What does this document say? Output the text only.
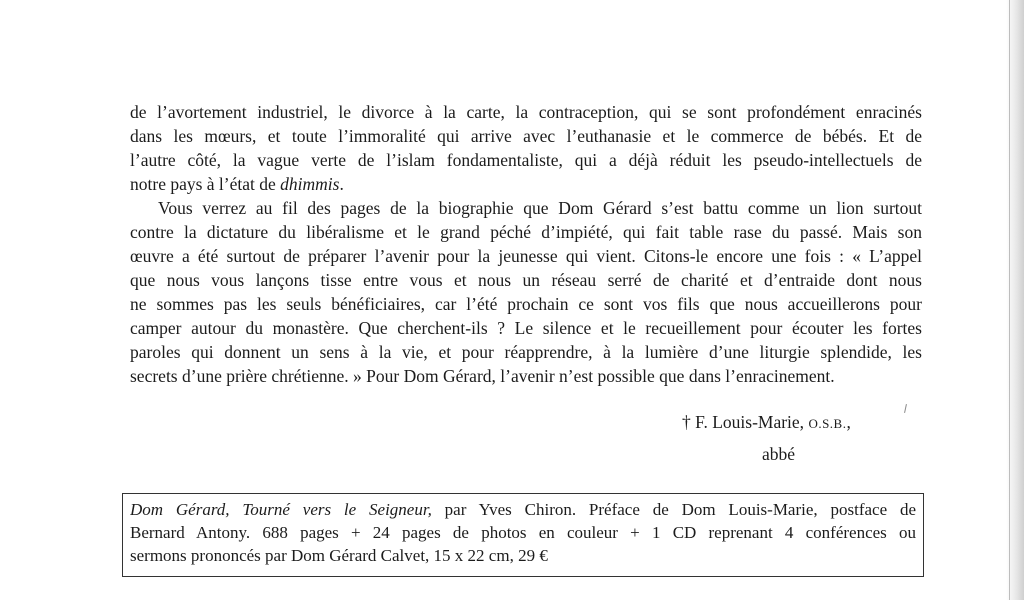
de l’avortement industriel, le divorce à la carte, la contraception, qui se sont profondément enracinés
dans les mœurs, et toute l’immoralité qui arrive avec l’euthanasie et le commerce de bébés. Et de
l’autre côté, la vague verte de l’islam fondamentaliste, qui a déjà réduit les pseudo-intellectuels de
notre pays à l’état de dhimmis.
Vous verrez au fil des pages de la biographie que Dom Gérard s’est battu comme un lion surtout
contre la dictature du libéralisme et le grand péché d’impiété, qui fait table rase du passé. Mais son
œuvre a été surtout de préparer l’avenir pour la jeunesse qui vient. Citons-le encore une fois : « L’appel
que nous vous lançons tisse entre vous et nous un réseau serré de charité et d’entraide dont nous
ne sommes pas les seuls bénéficiaires, car l’été prochain ce sont vos fils que nous accueillerons pour
camper autour du monastère. Que cherchent-ils ? Le silence et le recueillement pour écouter les fortes
paroles qui donnent un sens à la vie, et pour réapprendre, à la lumière d’une liturgie splendide, les
secrets d’une prière chrétienne. » Pour Dom Gérard, l’avenir n’est possible que dans l’enracinement.
† F. Louis-Marie, O.S.B.,
abbé
Dom Gérard, Tourné vers le Seigneur, par Yves Chiron. Préface de Dom Louis-Marie, postface de
Bernard Antony. 688 pages + 24 pages de photos en couleur + 1 CD reprenant 4 conférences ou
sermons prononcés par Dom Gérard Calvet, 15 x 22 cm, 29 €
